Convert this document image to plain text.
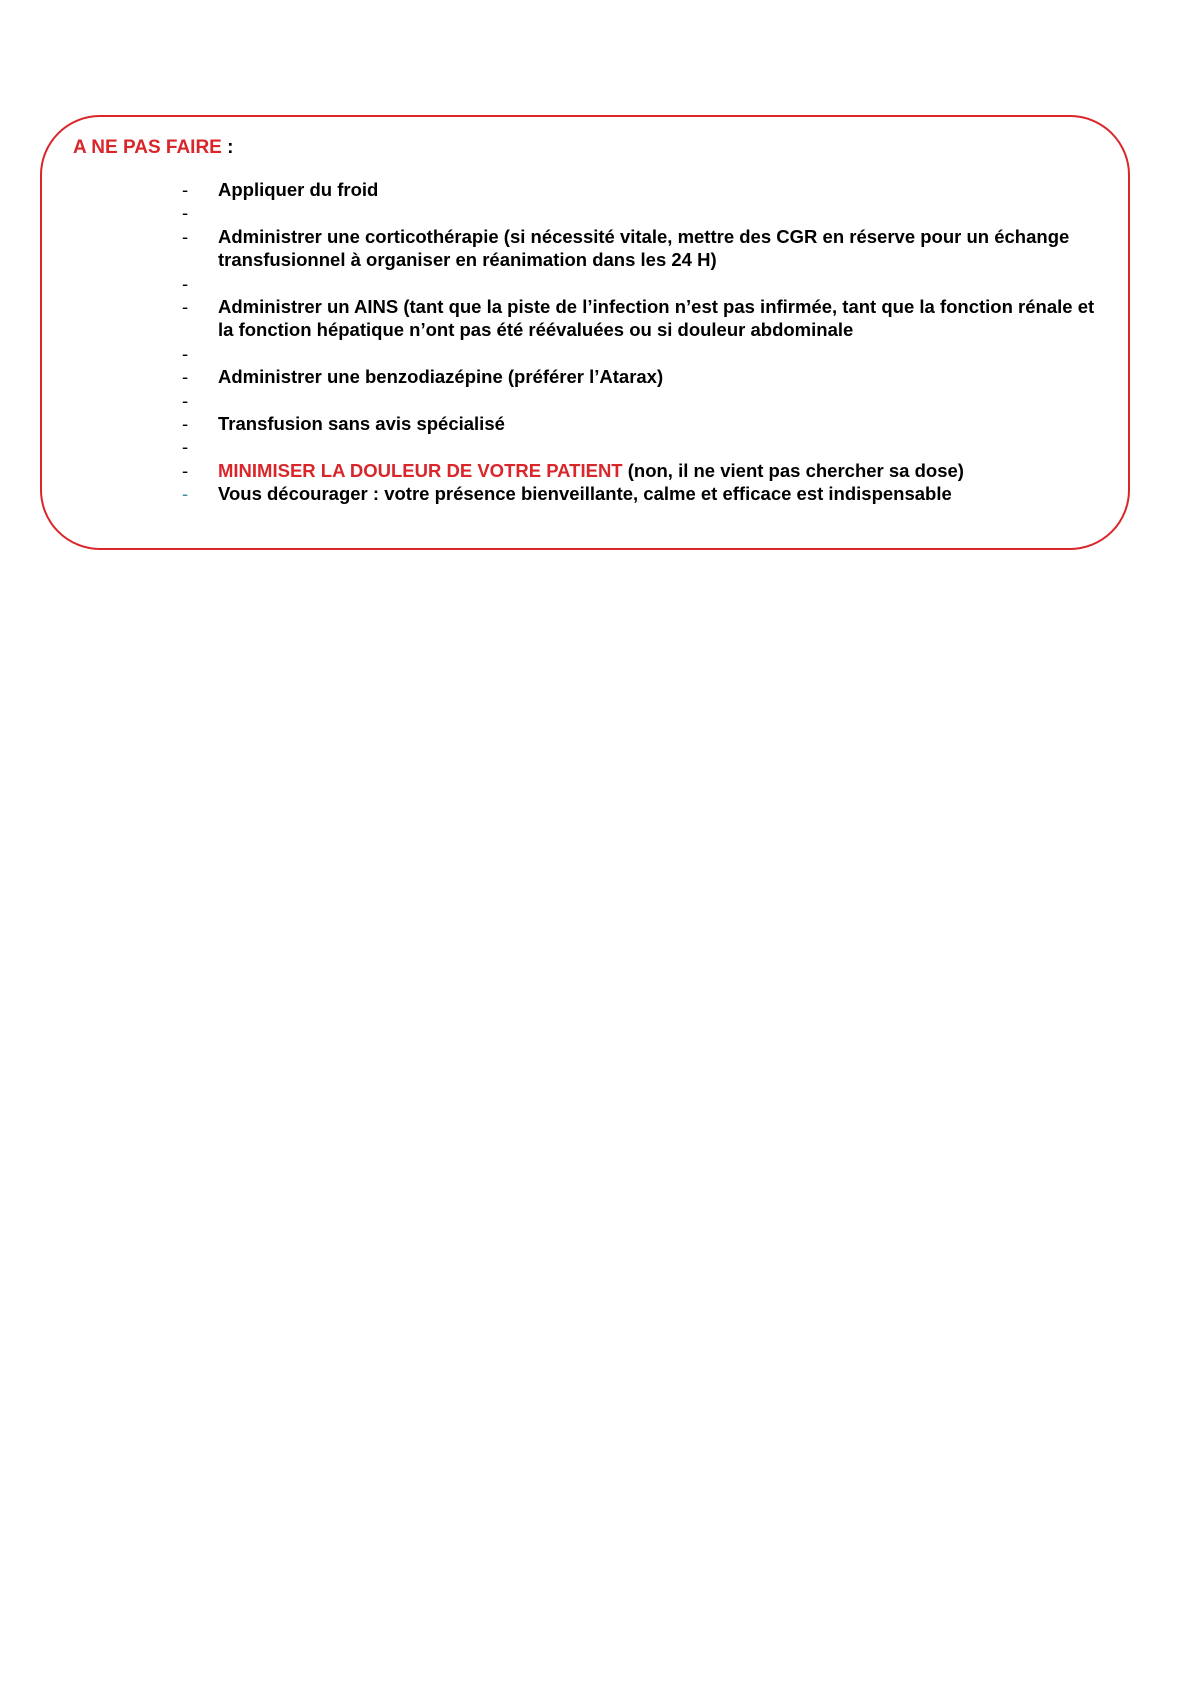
A NE PAS FAIRE :
- Appliquer du froid
-

- Administrer une corticothérapie (si nécessité vitale, mettre des CGR en réserve pour un échange transfusionnel à organiser en réanimation dans les 24 H)
-

- Administrer un AINS (tant que la piste de l’infection n’est pas infirmée, tant que la fonction rénale et la fonction hépatique n’ont pas été réévaluées ou si douleur abdominale
-

- Administrer une benzodiazépine (préférer l’Atarax)
-

- Transfusion sans avis spécialisé
-

- MINIMISER LA DOULEUR DE VOTRE PATIENT (non, il ne vient pas chercher sa dose)
- Vous décourager : votre présence bienveillante, calme et efficace est indispensable
